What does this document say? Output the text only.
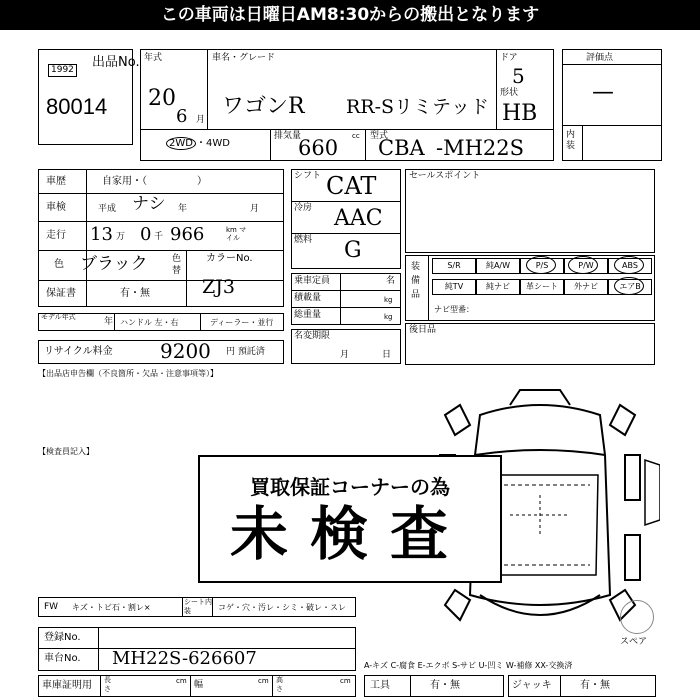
この車両は日曜日AM8:30からの搬出となります
出品No.
1992
80014
年式
20
6 月
車名・グレード
ワゴンR RR-Sリミテッド
ドア
5
形状
HB
2WD ・4WD
排気量	cc
660	型式
CBA -MH22S
評価点
—
内装
車歴	自家用・（　　　　　）
車検	平成 ナシ 年	月
走行 13 万 0 千 966	km マイル
色 ブラック	色替
カラーNo.
ZJ3
保証書	有・無
モデル年式	年 ハンドル 左・右	ディーラー・並行
リサイクル料金 9200 円 預託済
シフト CAT
冷房 AAC
燃料 G
乗車定員	名
積載量	kg
総重量	kg
名変期限
月	日
セールスポイント
装備品
S/R	純A/W	P/S	P/W	ABS
純TV	純ナビ	革シート	外ナビ	エアB
ナビ型番：
後日品
【出品店申告欄（不良箇所・欠品・注意事項等）】
【検査員記入】
スペア
買取保証コーナーの為
未検査
FW キズ・トビ石・割レ×
シート内装	コゲ・穴・汚レ・シミ・破レ・スレ
登録No.
車台No. MH22S-626607
車庫証明用 長さ
cm 幅	cm 高さ
cm
A-キズ C-腐食 E-エクボ S-サビ U-凹ミ W-補修 XX-交換済
工具	有・無	ジャッキ	有・無
